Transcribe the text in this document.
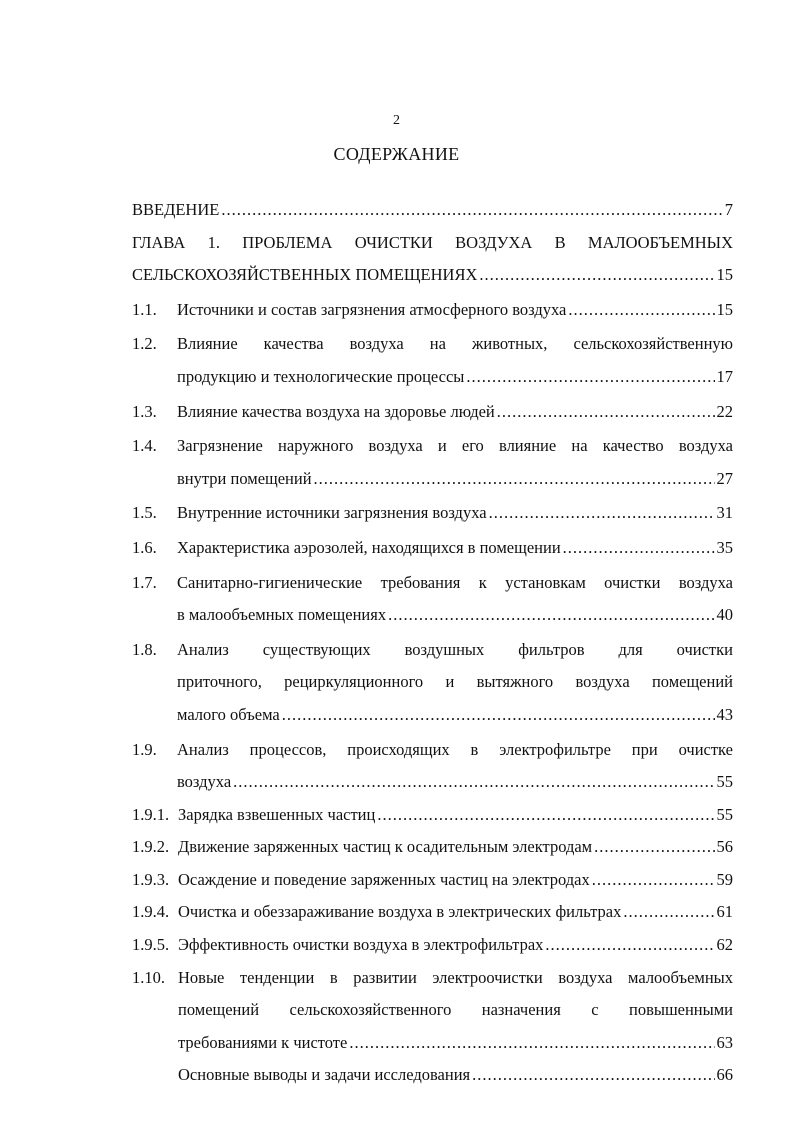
2
СОДЕРЖАНИЕ
ВВЕДЕНИЕ .....	7
ГЛАВА 1. ПРОБЛЕМА ОЧИСТКИ ВОЗДУХА В МАЛООБЪЕМНЫХ
СЕЛЬСКОХОЗЯЙСТВЕННЫХ ПОМЕЩЕНИЯХ .....	15
1.1.	Источники и состав загрязнения атмосферного воздуха .....	15
1.2.	Влияние качества воздуха на животных, сельскохозяйственную
продукцию и технологические процессы .....	17
1.3.	Влияние качества воздуха на здоровье людей .....	22
1.4.	Загрязнение наружного воздуха и его влияние на качество воздуха
внутри помещений .....	27
1.5.	Внутренние источники загрязнения воздуха .....	31
1.6.	Характеристика аэрозолей, находящихся в помещении .....	35
1.7.	Санитарно-гигиенические требования к установкам очистки воздуха
в малообъемных помещениях .....	40
1.8.	Анализ существующих воздушных фильтров для очистки
приточного, рециркуляционного и вытяжного воздуха помещений
малого объема .....	43
1.9.	Анализ процессов, происходящих в электрофильтре при очистке
воздуха .....	55
1.9.1. Зарядка взвешенных частиц .....	55
1.9.2. Движение заряженных частиц к осадительным электродам .....	56
1.9.3. Осаждение и поведение заряженных частиц на электродах .....	59
1.9.4. Очистка и обеззараживание воздуха в электрических фильтрах .....	61
1.9.5. Эффективность очистки воздуха в электрофильтрах .....	62
1.10. Новые тенденции в развитии электроочистки воздуха малообъемных
помещений сельскохозяйственного назначения с повышенными
требованиями к чистоте .....	63
Основные выводы и задачи исследования .....	66
